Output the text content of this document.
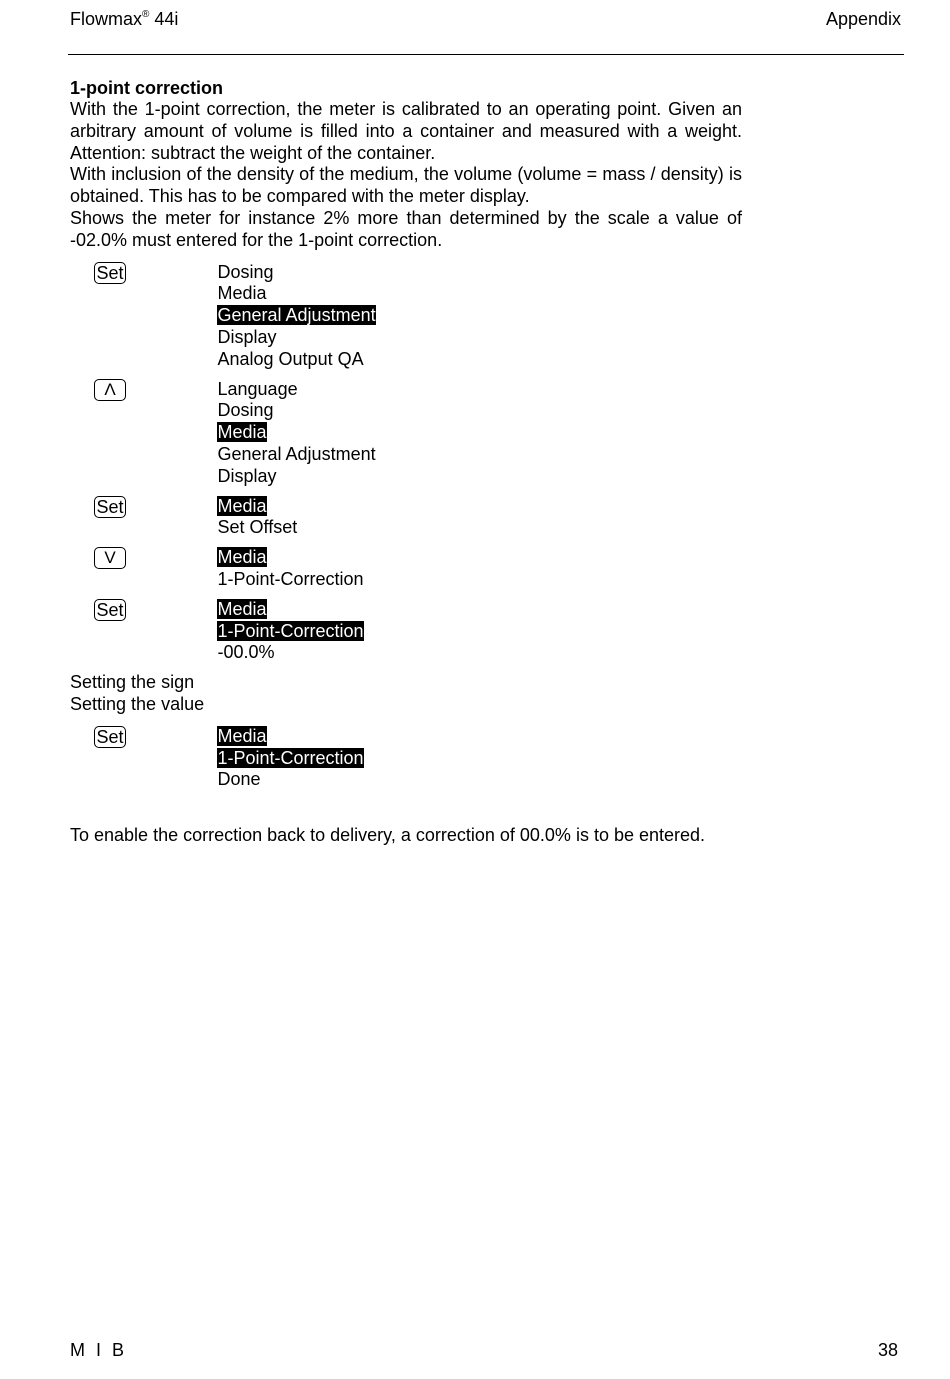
Flowmax® 44i	Appendix
1-point correction

With the 1-point correction, the meter is calibrated to an operating point. Given an arbitrary amount of volume is filled into a container and measured with a weight. Attention: subtract the weight of the container.

With inclusion of the density of the medium, the volume (volume = mass / density) is obtained. This has to be compared with the meter display.

Shows the meter for instance 2% more than determined by the scale a value of -02.0% must entered for the 1-point correction.

Set	Dosing
Media
General Adjustment
Display
Analog Output QA
Λ	Language
Dosing
Media
General Adjustment
Display
Set	Media
Set Offset
V	Media
1-Point-Correction
Set	Media
1-Point-Correction
-00.0%
Setting the sign
Setting the value
Set	Media
1-Point-Correction
Done
To enable the correction back to delivery, a correction of 00.0% is to be entered.
M I B	38
